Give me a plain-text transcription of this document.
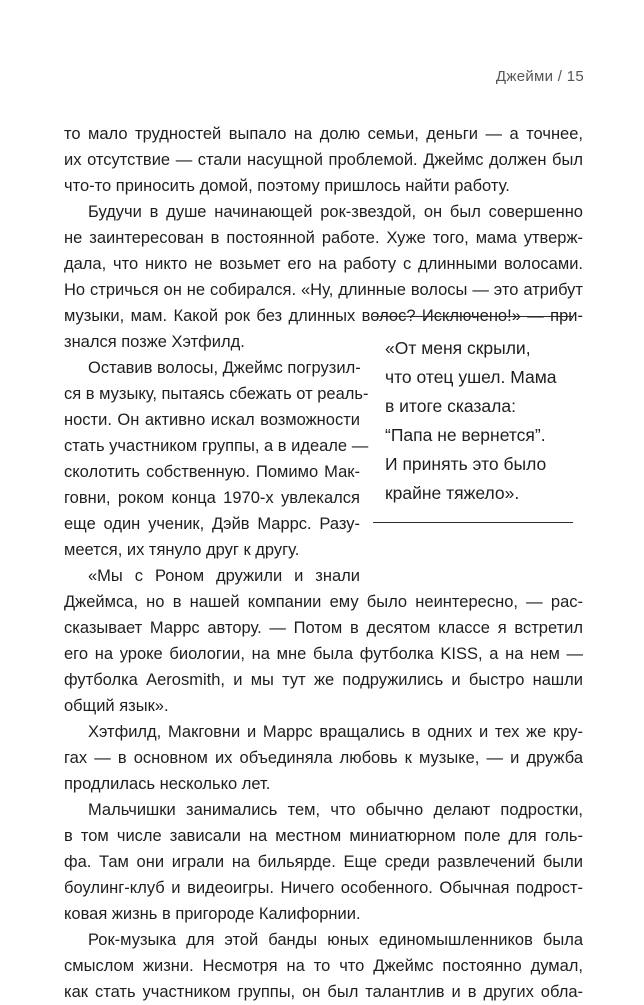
Джейми / 15
то мало трудностей выпало на долю семьи, деньги — а точнее,
их отсутствие — стали насущной проблемой. Джеймс должен был
что-то приносить домой, поэтому пришлось найти работу.
Будучи в душе начинающей рок-звездой, он был совершенно
не заинтересован в постоянной работе. Хуже того, мама утверж-
дала, что никто не возьмет его на работу с длинными волосами.
Но стричься он не собирался. «Ну, длинные волосы — это атрибут
музыки, мам. Какой рок без длинных волос? Исключено!» — при-
знался позже Хэтфилд.
Оставив волосы, Джеймс погрузил-
ся в музыку, пытаясь сбежать от реаль-
ности. Он активно искал возможности
стать участником группы, а в идеале —
сколотить собственную. Помимо Мак-
говни, роком конца 1970-х увлекался
еще один ученик, Дэйв Маррс. Разу-
меется, их тянуло друг к другу.
«Мы с Роном дружили и знали
Джеймса, но в нашей компании ему было неинтересно, — рас-
сказывает Маррс автору. — Потом в десятом классе я встретил
его на уроке биологии, на мне была футболка KISS, а на нем —
футболка Aerosmith, и мы тут же подружились и быстро нашли
общий язык».
Хэтфилд, Макговни и Маррс вращались в одних и тех же кру-
гах — в основном их объединяла любовь к музыке, — и дружба
продлилась несколько лет.
Мальчишки занимались тем, что обычно делают подростки,
в том числе зависали на местном миниатюрном поле для голь-
фа. Там они играли на бильярде. Еще среди развлечений были
боулинг-клуб и видеоигры. Ничего особенного. Обычная подрост-
ковая жизнь в пригороде Калифорнии.
Рок-музыка для этой банды юных единомышленников была
смыслом жизни. Несмотря на то что Джеймс постоянно думал,
как стать участником группы, он был талантлив и в других обла-
«От меня скрыли,
что отец ушел. Мама
в итоге сказала:
“Папа не вернется”.
И принять это было
крайне тяжело».
